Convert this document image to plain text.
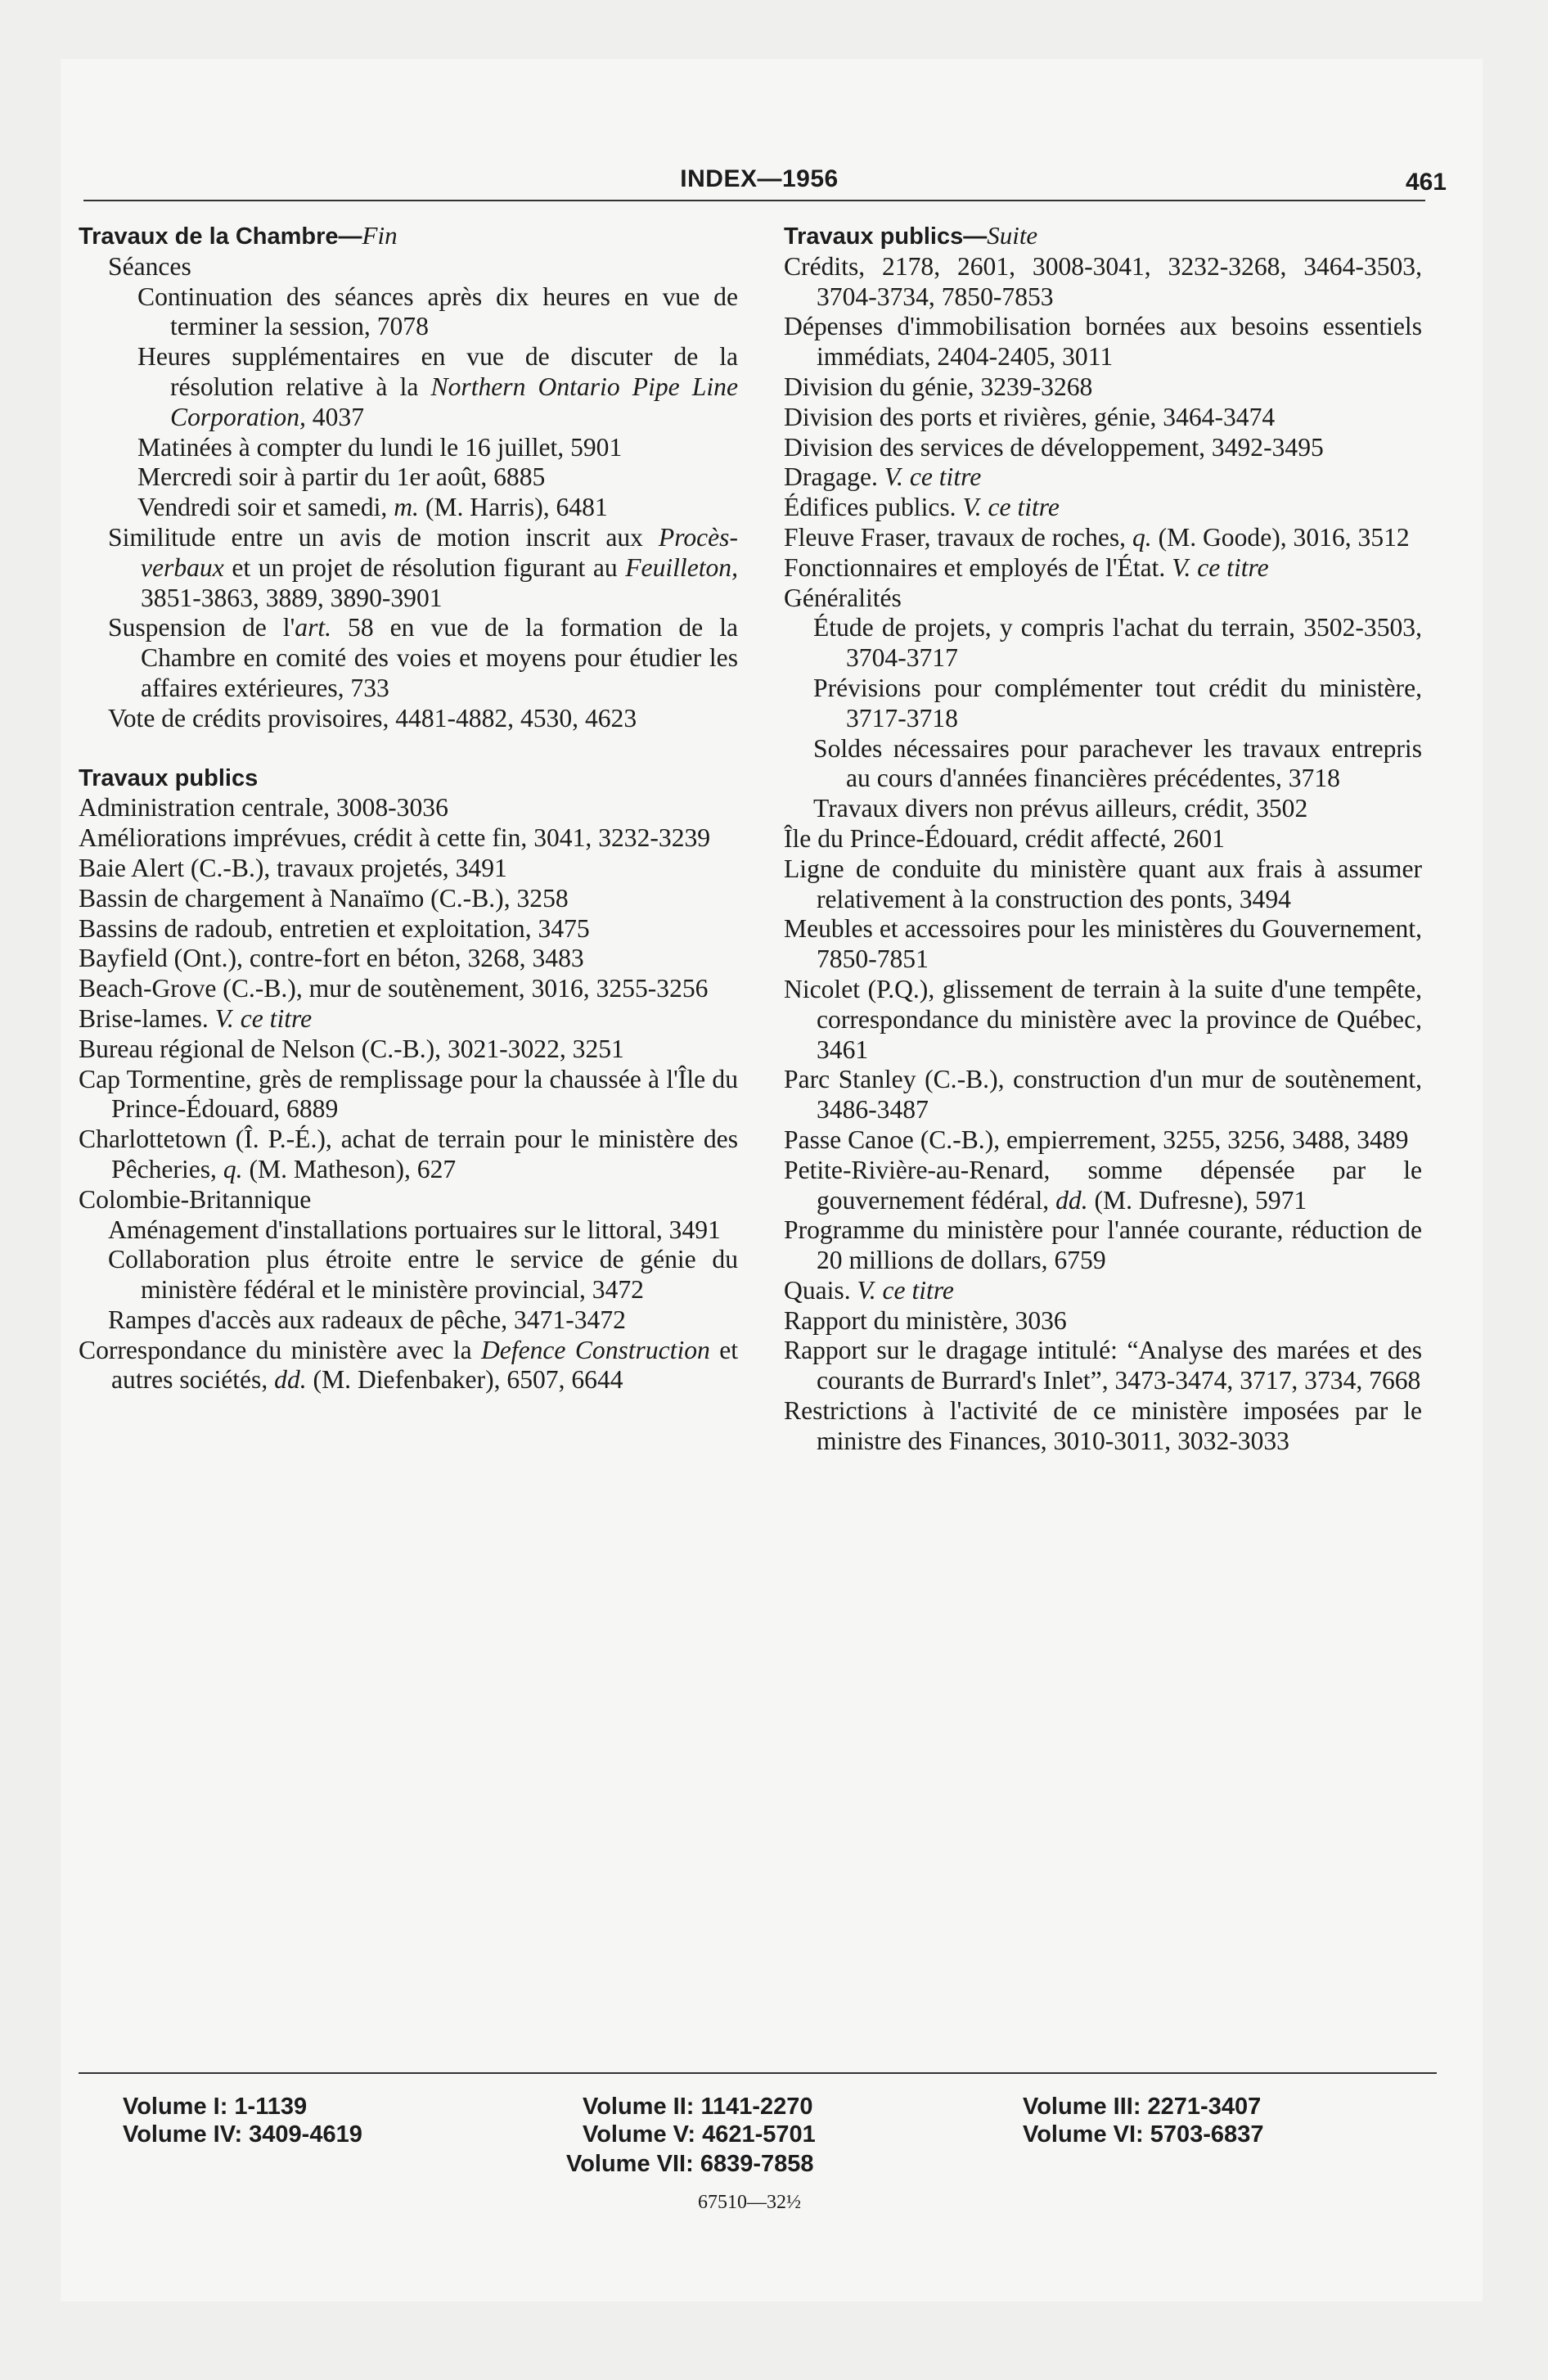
INDEX—1956	461
Travaux de la Chambre—Fin
Séances
Continuation des séances après dix heures en vue de terminer la session, 7078
Heures supplémentaires en vue de discuter de la résolution relative à la Northern Ontario Pipe Line Corporation, 4037
Matinées à compter du lundi le 16 juillet, 5901
Mercredi soir à partir du 1er août, 6885
Vendredi soir et samedi, m. (M. Harris), 6481
Similitude entre un avis de motion inscrit aux Procès-verbaux et un projet de résolution figurant au Feuilleton, 3851-3863, 3889, 3890-3901
Suspension de l'art. 58 en vue de la formation de la Chambre en comité des voies et moyens pour étudier les affaires extérieures, 733
Vote de crédits provisoires, 4481-4882, 4530, 4623
Travaux publics
Administration centrale, 3008-3036
Améliorations imprévues, crédit à cette fin, 3041, 3232-3239
Baie Alert (C.-B.), travaux projetés, 3491
Bassin de chargement à Nanaïmo (C.-B.), 3258
Bassins de radoub, entretien et exploitation, 3475
Bayfield (Ont.), contre-fort en béton, 3268, 3483
Beach-Grove (C.-B.), mur de soutènement, 3016, 3255-3256
Brise-lames. V. ce titre
Bureau régional de Nelson (C.-B.), 3021-3022, 3251
Cap Tormentine, grès de remplissage pour la chaussée à l'Île du Prince-Édouard, 6889
Charlottetown (Î. P.-É.), achat de terrain pour le ministère des Pêcheries, q. (M. Matheson), 627
Colombie-Britannique
Aménagement d'installations portuaires sur le littoral, 3491
Collaboration plus étroite entre le service de génie du ministère fédéral et le ministère provincial, 3472
Rampes d'accès aux radeaux de pêche, 3471-3472
Correspondance du ministère avec la Defence Construction et autres sociétés, dd. (M. Diefenbaker), 6507, 6644
Travaux publics—Suite
Crédits, 2178, 2601, 3008-3041, 3232-3268, 3464-3503, 3704-3734, 7850-7853
Dépenses d'immobilisation bornées aux besoins essentiels immédiats, 2404-2405, 3011
Division du génie, 3239-3268
Division des ports et rivières, génie, 3464-3474
Division des services de développement, 3492-3495
Dragage. V. ce titre
Édifices publics. V. ce titre
Fleuve Fraser, travaux de roches, q. (M. Goode), 3016, 3512
Fonctionnaires et employés de l'État. V. ce titre
Généralités
Étude de projets, y compris l'achat du terrain, 3502-3503, 3704-3717
Prévisions pour complémenter tout crédit du ministère, 3717-3718
Soldes nécessaires pour parachever les travaux entrepris au cours d'années financières précédentes, 3718
Travaux divers non prévus ailleurs, crédit, 3502
Île du Prince-Édouard, crédit affecté, 2601
Ligne de conduite du ministère quant aux frais à assumer relativement à la construction des ponts, 3494
Meubles et accessoires pour les ministères du Gouvernement, 7850-7851
Nicolet (P.Q.), glissement de terrain à la suite d'une tempête, correspondance du ministère avec la province de Québec, 3461
Parc Stanley (C.-B.), construction d'un mur de soutènement, 3486-3487
Passe Canoe (C.-B.), empierrement, 3255, 3256, 3488, 3489
Petite-Rivière-au-Renard, somme dépensée par le gouvernement fédéral, dd. (M. Dufresne), 5971
Programme du ministère pour l'année courante, réduction de 20 millions de dollars, 6759
Quais. V. ce titre
Rapport du ministère, 3036
Rapport sur le dragage intitulé: “Analyse des marées et des courants de Burrard's Inlet”, 3473-3474, 3717, 3734, 7668
Restrictions à l'activité de ce ministère imposées par le ministre des Finances, 3010-3011, 3032-3033
Volume I: 1-1139
Volume IV: 3409-4619
Volume II: 1141-2270
Volume V: 4621-5701
Volume VII: 6839-7858
Volume III: 2271-3407
Volume VI: 5703-6837
67510—32½
